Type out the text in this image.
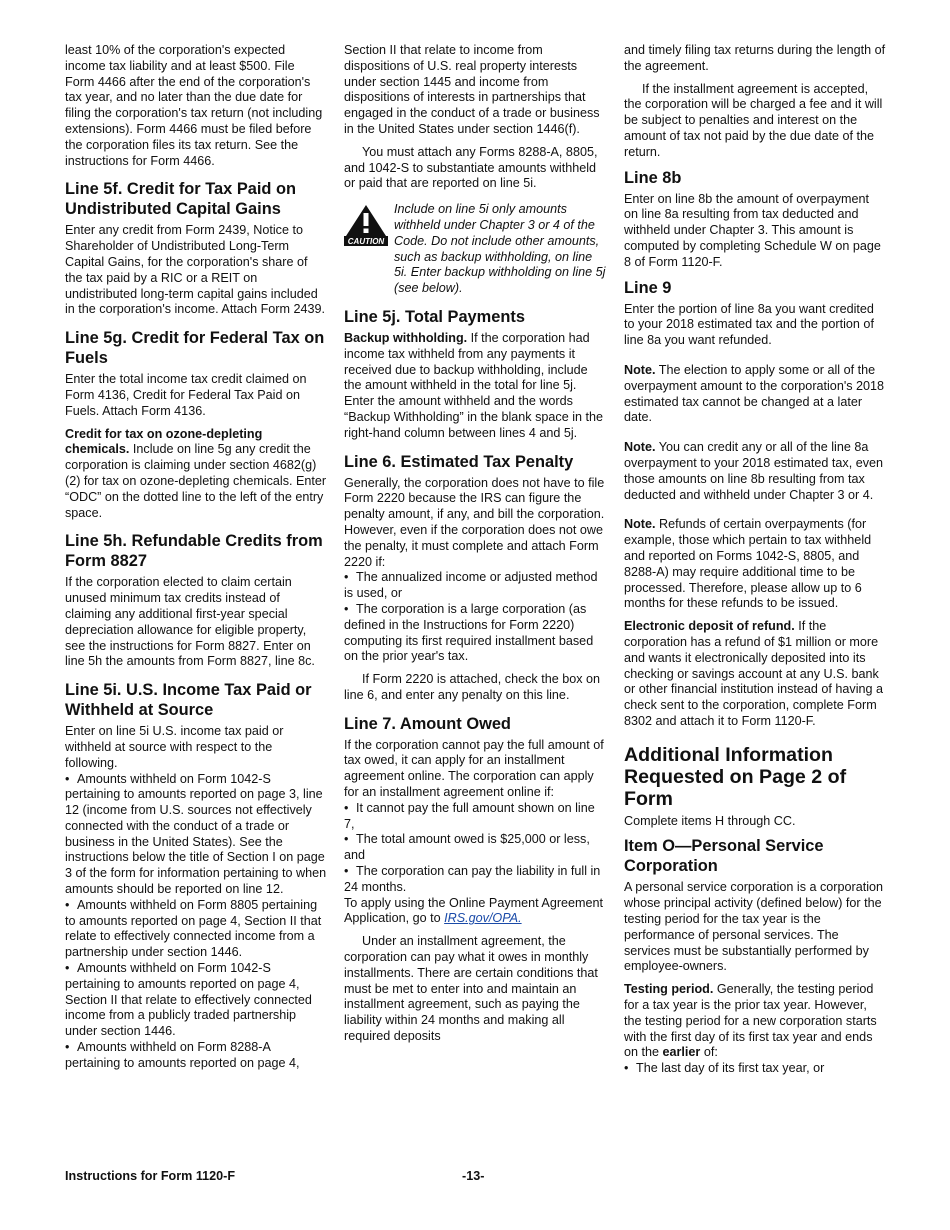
least 10% of the corporation's expected income tax liability and at least $500. File Form 4466 after the end of the corporation's tax year, and no later than the due date for filing the corporation's tax return (not including extensions). Form 4466 must be filed before the corporation files its tax return. See the instructions for Form 4466.

Line 5f. Credit for Tax Paid on Undistributed Capital Gains

Enter any credit from Form 2439, Notice to Shareholder of Undistributed Long-Term Capital Gains, for the corporation's share of the tax paid by a RIC or a REIT on undistributed long-term capital gains included in the corporation's income. Attach Form 2439.

Line 5g. Credit for Federal Tax on Fuels

Enter the total income tax credit claimed on Form 4136, Credit for Federal Tax Paid on Fuels. Attach Form 4136.

Credit for tax on ozone-depleting chemicals. Include on line 5g any credit the corporation is claiming under section 4682(g)(2) for tax on ozone-depleting chemicals. Enter “ODC” on the dotted line to the left of the entry space.

Line 5h. Refundable Credits from Form 8827

If the corporation elected to claim certain unused minimum tax credits instead of claiming any additional first-year special depreciation allowance for eligible property, see the instructions for Form 8827. Enter on line 5h the amounts from Form 8827, line 8c.

Line 5i. U.S. Income Tax Paid or Withheld at Source

Enter on line 5i U.S. income tax paid or withheld at source with respect to the following.

• Amounts withheld on Form 1042-S pertaining to amounts reported on page 3, line 12 (income from U.S. sources not effectively connected with the conduct of a trade or business in the United States). See the instructions below the title of Section I on page 3 of the form for information pertaining to when amounts should be reported on line 12.
• Amounts withheld on Form 8805 pertaining to amounts reported on page 4, Section II that relate to effectively connected income from a partnership under section 1446.
• Amounts withheld on Form 1042-S pertaining to amounts reported on page 4, Section II that relate to effectively connected income from a publicly traded partnership under section 1446.
• Amounts withheld on Form 8288-A pertaining to amounts reported on page 4,

Section II that relate to income from dispositions of U.S. real property interests under section 1445 and income from dispositions of interests in partnerships that engaged in the conduct of a trade or business in the United States under section 1446(f).

You must attach any Forms 8288-A, 8805, and 1042-S to substantiate amounts withheld or paid that are reported on line 5i.

CAUTION
Include on line 5i only amounts withheld under Chapter 3 or 4 of the Code. Do not include other amounts, such as backup withholding, on line 5i. Enter backup withholding on line 5j (see below).
Line 5j. Total Payments

Backup withholding. If the corporation had income tax withheld from any payments it received due to backup withholding, include the amount withheld in the total for line 5j. Enter the amount withheld and the words “Backup Withholding” in the blank space in the right-hand column between lines 4 and 5j.

Line 6. Estimated Tax Penalty

Generally, the corporation does not have to file Form 2220 because the IRS can figure the penalty amount, if any, and bill the corporation. However, even if the corporation does not owe the penalty, it must complete and attach Form 2220 if:

• The annualized income or adjusted method is used, or
• The corporation is a large corporation (as defined in the Instructions for Form 2220) computing its first required installment based on the prior year's tax.

If Form 2220 is attached, check the box on line 6, and enter any penalty on this line.

Line 7. Amount Owed

If the corporation cannot pay the full amount of tax owed, it can apply for an installment agreement online. The corporation can apply for an installment agreement online if:

• It cannot pay the full amount shown on line 7,
• The total amount owed is $25,000 or less, and
• The corporation can pay the liability in full in 24 months.

To apply using the Online Payment Agreement Application, go to IRS.gov/OPA.

Under an installment agreement, the corporation can pay what it owes in monthly installments. There are certain conditions that must be met to enter into and maintain an installment agreement, such as paying the liability within 24 months and making all required deposits

and timely filing tax returns during the length of the agreement.

If the installment agreement is accepted, the corporation will be charged a fee and it will be subject to penalties and interest on the amount of tax not paid by the due date of the return.

Line 8b

Enter on line 8b the amount of overpayment on line 8a resulting from tax deducted and withheld under Chapter 3. This amount is computed by completing Schedule W on page 8 of Form 1120-F.

Line 9

Enter the portion of line 8a you want credited to your 2018 estimated tax and the portion of line 8a you want refunded.

Note. The election to apply some or all of the overpayment amount to the corporation's 2018 estimated tax cannot be changed at a later date.

Note. You can credit any or all of the line 8a overpayment to your 2018 estimated tax, even those amounts on line 8b resulting from tax deducted and withheld under Chapter 3 or 4.

Note. Refunds of certain overpayments (for example, those which pertain to tax withheld and reported on Forms 1042-S, 8805, and 8288-A) may require additional time to be processed. Therefore, please allow up to 6 months for these refunds to be issued.

Electronic deposit of refund. If the corporation has a refund of $1 million or more and wants it electronically deposited into its checking or savings account at any U.S. bank or other financial institution instead of having a check sent to the corporation, complete Form 8302 and attach it to Form 1120-F.

Additional Information Requested on Page 2 of Form

Complete items H through CC.

Item O—Personal Service Corporation

A personal service corporation is a corporation whose principal activity (defined below) for the testing period for the tax year is the performance of personal services. The services must be substantially performed by employee-owners.

Testing period. Generally, the testing period for a tax year is the prior tax year. However, the testing period for a new corporation starts with the first day of its first tax year and ends on the earlier of:

• The last day of its first tax year, or
Instructions for Form 1120-F	-13-
